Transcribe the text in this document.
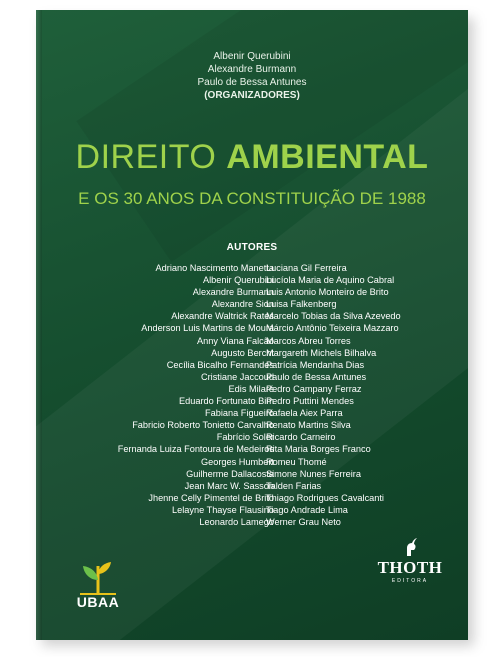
Albenir Querubini
Alexandre Burmann
Paulo de Bessa Antunes
(ORGANIZADORES)
DIREITO AMBIENTAL
E OS 30 ANOS DA CONSTITUIÇÃO DE 1988
AUTORES
Adriano Nascimento Manetta
Albenir Querubini
Alexandre Burmann
Alexandre Sion
Alexandre Waltrick Rates
Anderson Luis Martins de Moura
Anny Viana Falcão
Augusto Bercht
Cecília Bicalho Fernandes
Cristiane Jaccoud
Edis Milaré
Eduardo Fortunato Bim
Fabiana Figueiró
Fabricio Roberto Tonietto Carvalho
Fabrício Soler
Fernanda Luiza Fontoura de Medeiros
Georges Humbert
Guilherme Dallacosta
Jean Marc W. Sasson
Jhenne Celly Pimentel de Brito
Lelayne Thayse Flausino
Leonardo Lamego
Luciana Gil Ferreira
Lucíola Maria de Aquino Cabral
Luis Antonio Monteiro de Brito
Luisa Falkenberg
Marcelo Tobias da Silva Azevedo
Márcio Antônio Teixeira Mazzaro
Marcos Abreu Torres
Margareth Michels Bilhalva
Patrícia Mendanha Dias
Paulo de Bessa Antunes
Pedro Campany Ferraz
Pedro Puttini Mendes
Rafaela Aiex Parra
Renato Martins Silva
Ricardo Carneiro
Rita Maria Borges Franco
Romeu Thomé
Simone Nunes Ferreira
Talden Farias
Thiago Rodrigues Cavalcanti
Tiago Andrade Lima
Werner Grau Neto
UBAA
THOTH
EDITORA
